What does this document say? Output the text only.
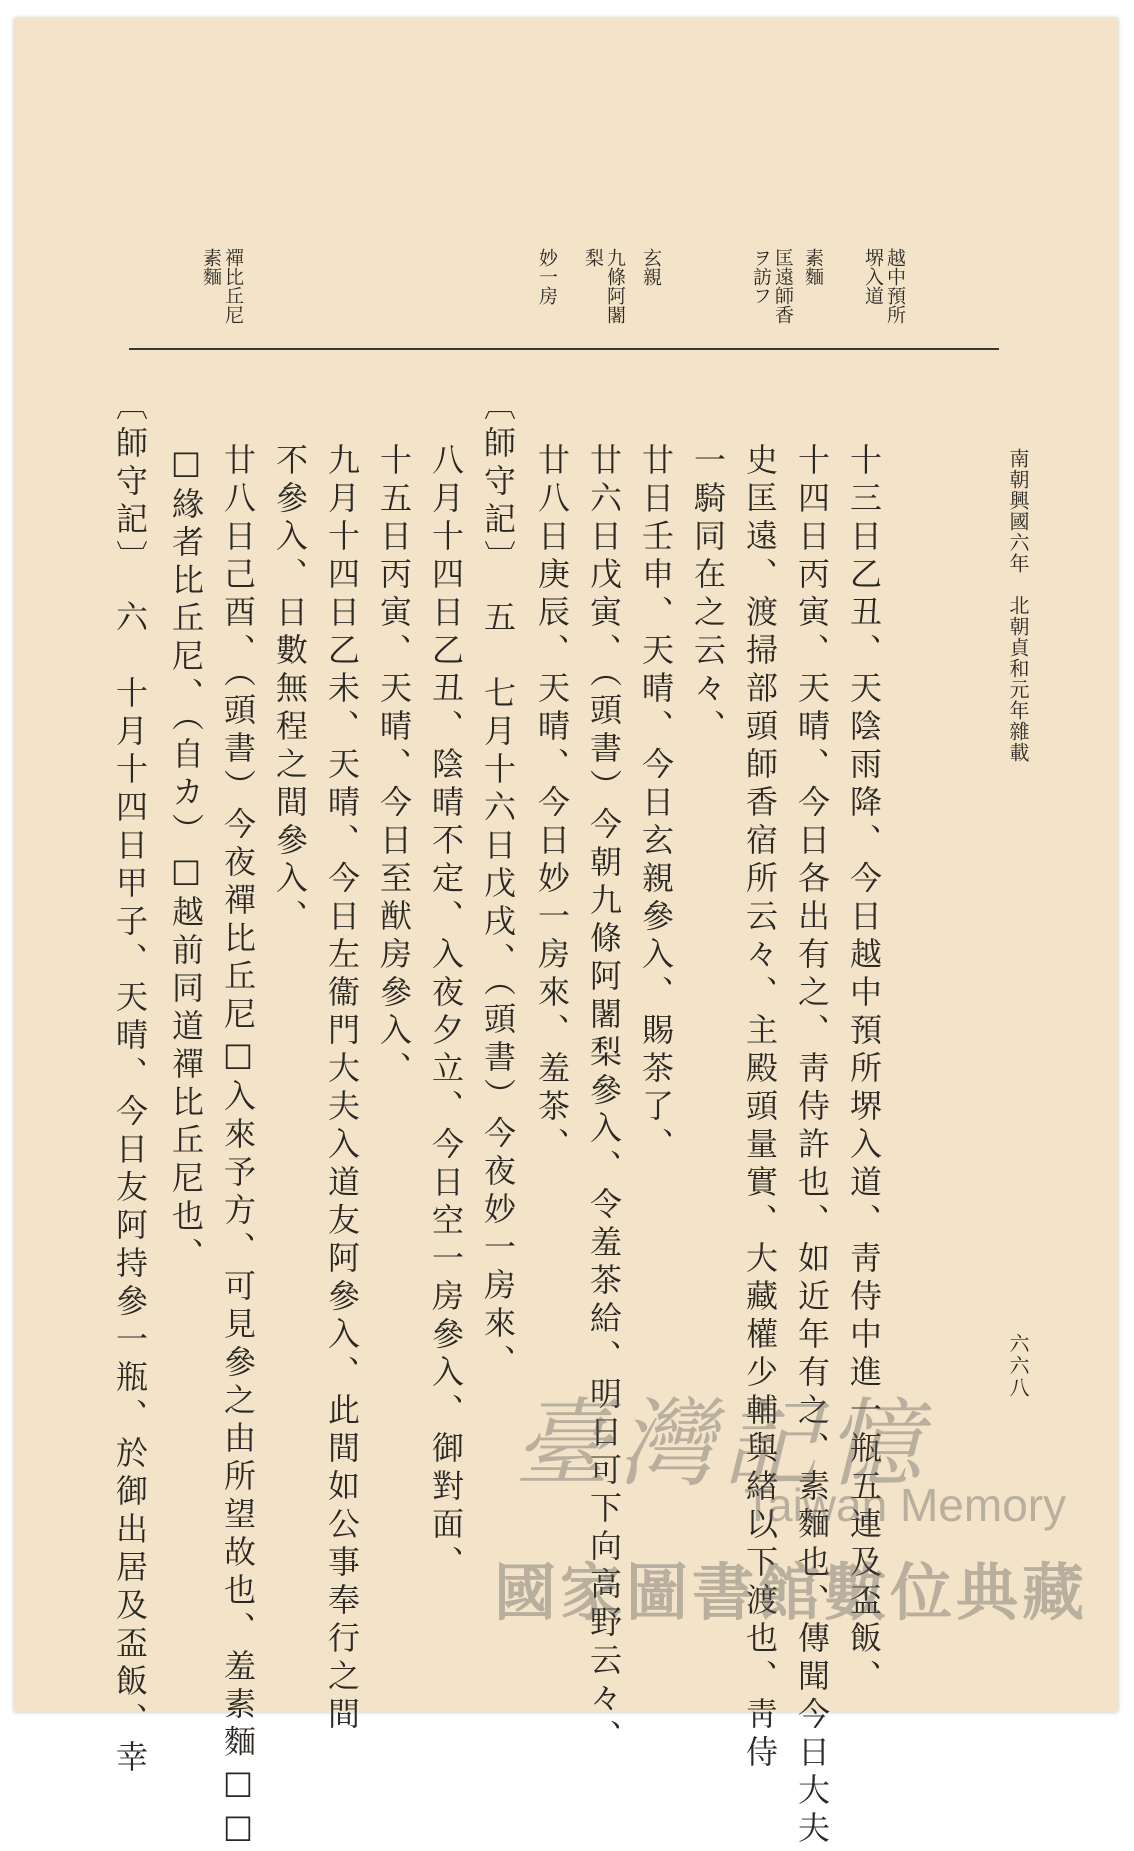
南朝興國六年　北朝貞和元年雜載
六六八
越中預所
堺入道
素麵
匡遠師香
ヲ訪フ
玄親
九條阿闍
梨
妙一房
禪比丘尼
素麵
十三日乙丑、天陰雨降、今日越中預所堺入道、靑侍中進一瓶五連及盃飯、
十四日丙寅、天晴、今日各出有之、靑侍許也、如近年有之、素麵也、傳聞今日大夫
史匡遠、渡掃部頭師香宿所云々、主殿頭量實、大藏權少輔與緖以下渡也、靑侍
一騎同在之云々、
廿日壬申、天晴、今日玄親參入、賜茶了、
廿六日戊寅、（頭書）今朝九條阿闍梨參入、令羞茶給、明日可下向高野云々、
廿八日庚辰、天晴、今日妙一房來、羞茶、
〔師守記〕　五　七月十六日戊戌、（頭書）今夜妙一房來、
八月十四日乙丑、陰晴不定、入夜夕立、今日空一房參入、御對面、
十五日丙寅、天晴、今日至猷房參入、
九月十四日乙未、天晴、今日左衞門大夫入道友阿參入、此間如公事奉行之間
不參入、日數無程之間參入、
廿八日己酉、（頭書）今夜禪比丘尼□入來予方、可見參之由所望故也、羞素麵□□
□緣者比丘尼、（自カ）□越前同道禪比丘尼也、
〔師守記〕　六　十月十四日甲子、天晴、今日友阿持參一瓶、於御出居及盃飯、幸	臺灣記憶
Taiwan Memory
國家圖書館數位典藏
